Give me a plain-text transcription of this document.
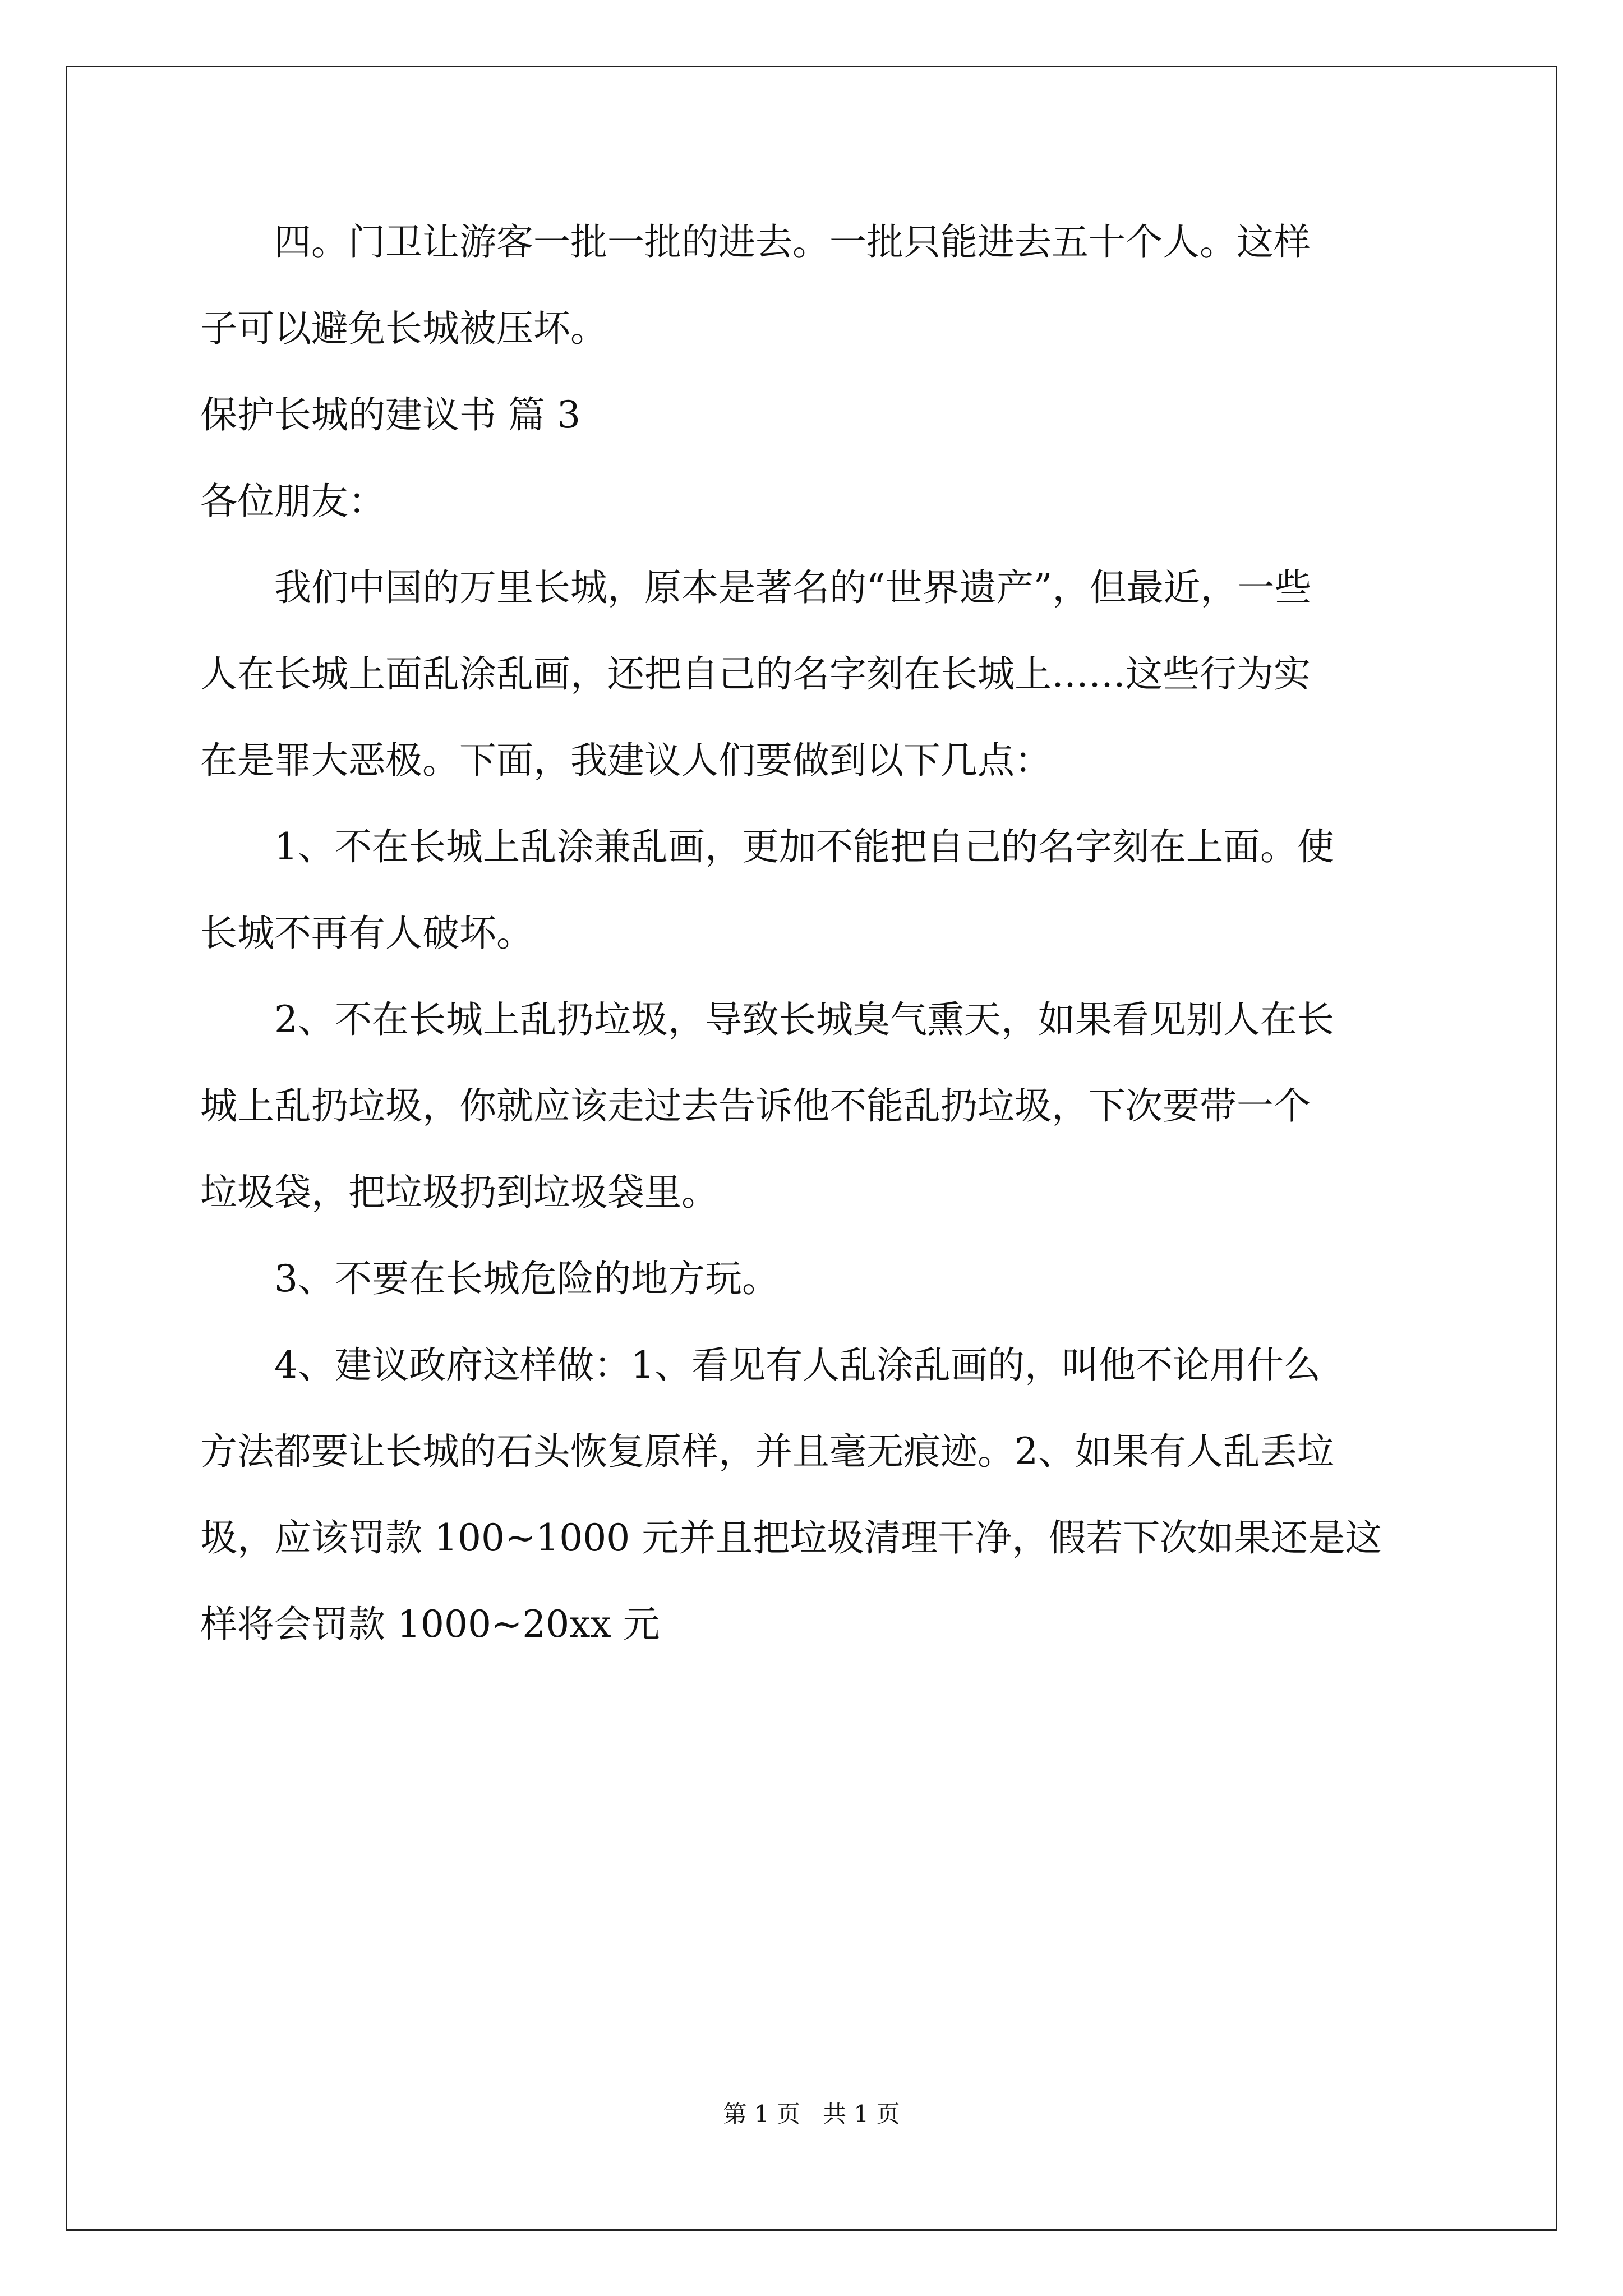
四。门卫让游客一批一批的进去。一批只能进去五十个人。这样
子可以避免长城被压坏。
保护长城的建议书 篇 3
各位朋友：
我们中国的万里长城，原本是著名的“世界遗产”，但最近，一些
人在长城上面乱涂乱画，还把自己的名字刻在长城上……这些行为实
在是罪大恶极。下面，我建议人们要做到以下几点：
1、不在长城上乱涂兼乱画，更加不能把自己的名字刻在上面。使
长城不再有人破坏。
2、不在长城上乱扔垃圾，导致长城臭气熏天，如果看见别人在长
城上乱扔垃圾，你就应该走过去告诉他不能乱扔垃圾，下次要带一个
垃圾袋，把垃圾扔到垃圾袋里。
3、不要在长城危险的地方玩。
4、建议政府这样做：1、看见有人乱涂乱画的，叫他不论用什么
方法都要让长城的石头恢复原样，并且毫无痕迹。2、如果有人乱丢垃
圾，应该罚款 100~1000 元并且把垃圾清理干净，假若下次如果还是这
样将会罚款 1000~20xx 元
第 1 页   共 1 页
